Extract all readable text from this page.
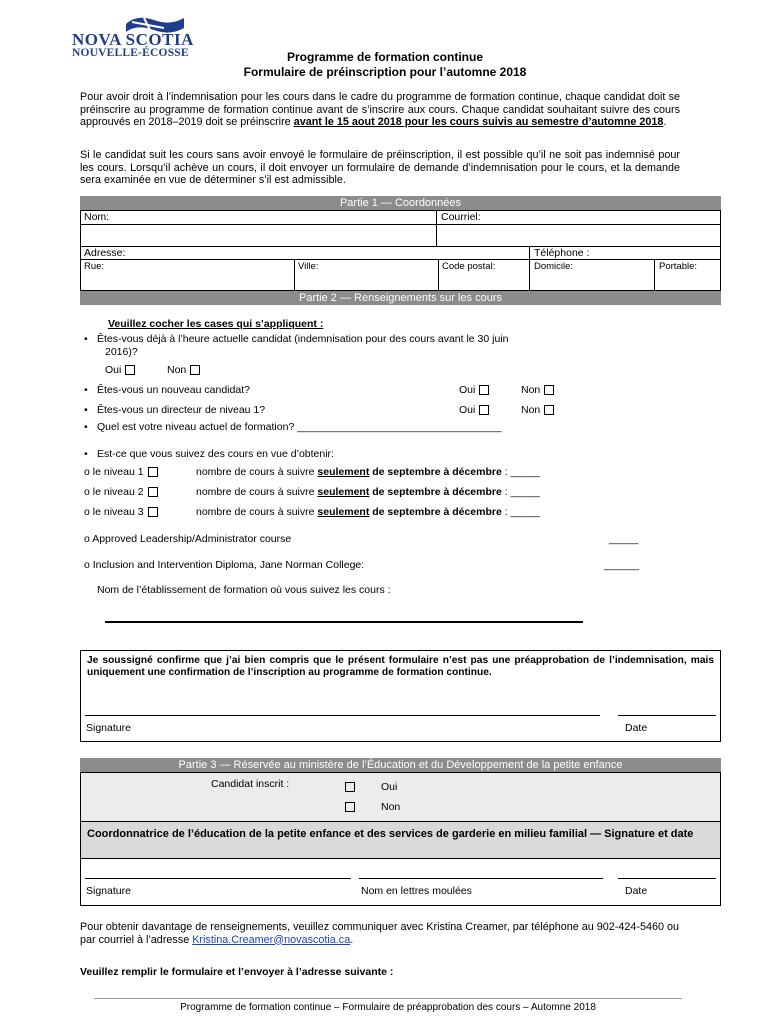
NOVA SCOTIA
NOUVELLE-ÉCOSSE	Programme de formation continue
Formulaire de préinscription pour l’automne 2018
Pour avoir droit à l’indemnisation pour les cours dans le cadre du programme de formation continue, chaque candidat doit se préinscrire au programme de formation continue avant de s’inscrire aux cours. Chaque candidat souhaitant suivre des cours approuvés en 2018–2019 doit se préinscrire avant le 15 aout 2018 pour les cours suivis au semestre d’automne 2018.
Si le candidat suit les cours sans avoir envoyé le formulaire de préinscription, il est possible qu’il ne soit pas indemnisé pour les cours. Lorsqu’il achève un cours, il doit envoyer un formulaire de demande d’indemnisation pour le cours, et la demande sera examinée en vue de déterminer s’il est admissible.
Partie 1 — Coordonnées
Nom:	Courriel:
Adresse:	Téléphone :
Rue:	Ville:	Code postal:	Domicile:	Portable:
Partie 2 — Renseignements sur les cours
Veuillez cocher les cases qui s’appliquent :
• Êtes-vous déjà à l’heure actuelle candidat (indemnisation pour des cours avant le 30 juin
2016)?
Oui	Non
• Êtes-vous un nouveau candidat?	Oui	Non
• Êtes-vous un directeur de niveau 1?	Oui	Non
• Quel est votre niveau actuel de formation? ___________________________________
• Est-ce que vous suivez des cours en vue d’obtenir:
o le niveau 1	nombre de cours à suivre seulement de septembre à décembre : _____
o le niveau 2	nombre de cours à suivre seulement de septembre à décembre : _____
o le niveau 3	nombre de cours à suivre seulement de septembre à décembre : _____
o Approved Leadership/Administrator course	_____
o Inclusion and Intervention Diploma, Jane Norman College:	______
Nom de l’établissement de formation où vous suivez les cours :
Je soussigné confirme que j’ai bien compris que le présent formulaire n’est pas une préapprobation de l’indemnisation, mais uniquement une confirmation de l’inscription au programme de formation continue.
Signature	Date
Partie 3 — Réservée au ministère de l’Éducation et du Développement de la petite enfance
Candidat inscrit :	Oui
Non
Coordonnatrice de l’éducation de la petite enfance et des services de garderie en milieu familial — Signature et date
Signature	Nom en lettres moulées	Date
Pour obtenir davantage de renseignements, veuillez communiquer avec Kristina Creamer, par téléphone au 902-424-5460 ou par courriel à l’adresse Kristina.Creamer@novascotia.ca.
Veuillez remplir le formulaire et l’envoyer à l’adresse suivante :
Programme de formation continue – Formulaire de préapprobation des cours – Automne 2018
